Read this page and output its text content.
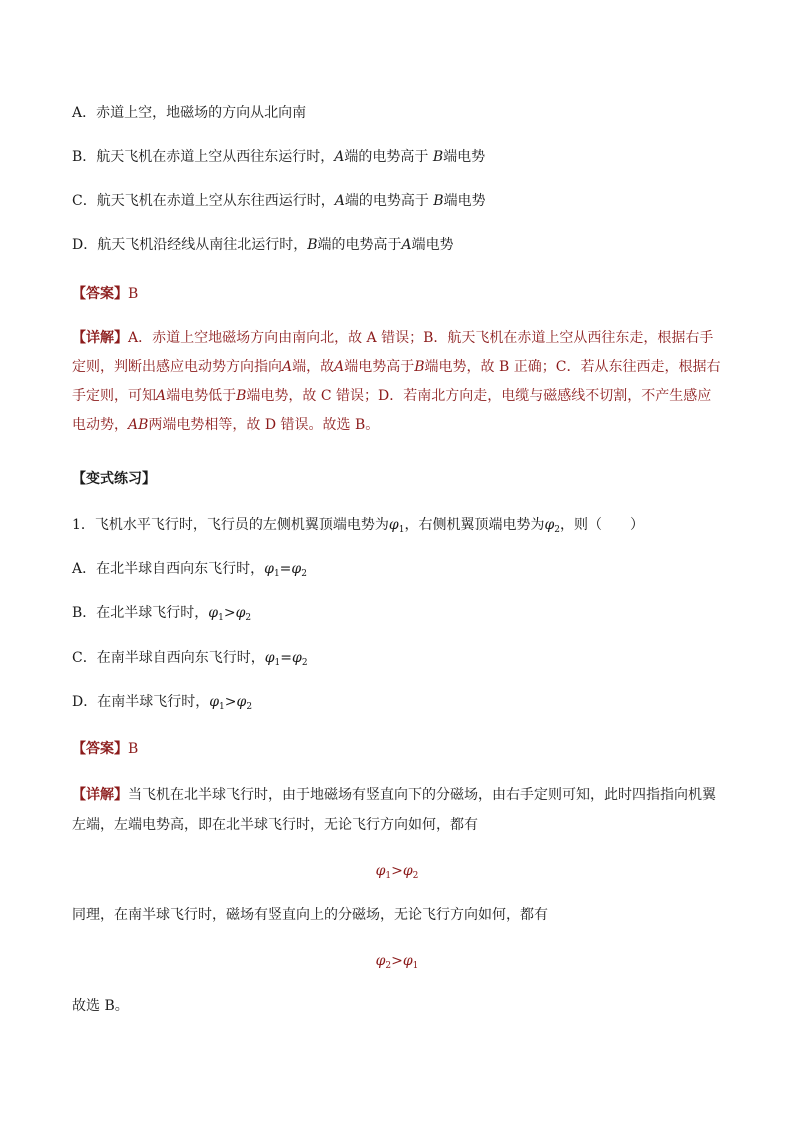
A．赤道上空，地磁场的方向从北向南
B．航天飞机在赤道上空从西往东运行时，A端的电势高于 B端电势
C．航天飞机在赤道上空从东往西运行时，A端的电势高于 B端电势
D．航天飞机沿经线从南往北运行时，B端的电势高于A端电势
【答案】B
【详解】A．赤道上空地磁场方向由南向北，故 A 错误；B．航天飞机在赤道上空从西往东走，根据右手定则，判断出感应电动势方向指向A端，故A端电势高于B端电势，故 B 正确；C．若从东往西走，根据右手定则，可知A端电势低于B端电势，故 C 错误；D．若南北方向走，电缆与磁感线不切割，不产生感应电动势，AB两端电势相等，故 D 错误。故选 B。
【变式练习】
1．飞机水平飞行时，飞行员的左侧机翼顶端电势为$\varphi_1$，右侧机翼顶端电势为$\varphi_2$，则（　　）
A．在北半球自西向东飞行时，$\varphi_1=\varphi_2$
B．在北半球飞行时，$\varphi_1>\varphi_2$
C．在南半球自西向东飞行时，$\varphi_1=\varphi_2$
D．在南半球飞行时，$\varphi_1>\varphi_2$
【答案】B
【详解】当飞机在北半球飞行时，由于地磁场有竖直向下的分磁场，由右手定则可知，此时四指指向机翼左端，左端电势高，即在北半球飞行时，无论飞行方向如何，都有
$\varphi_1>\varphi_2$
同理，在南半球飞行时，磁场有竖直向上的分磁场，无论飞行方向如何，都有
$\varphi_2>\varphi_1$
故选 B。
